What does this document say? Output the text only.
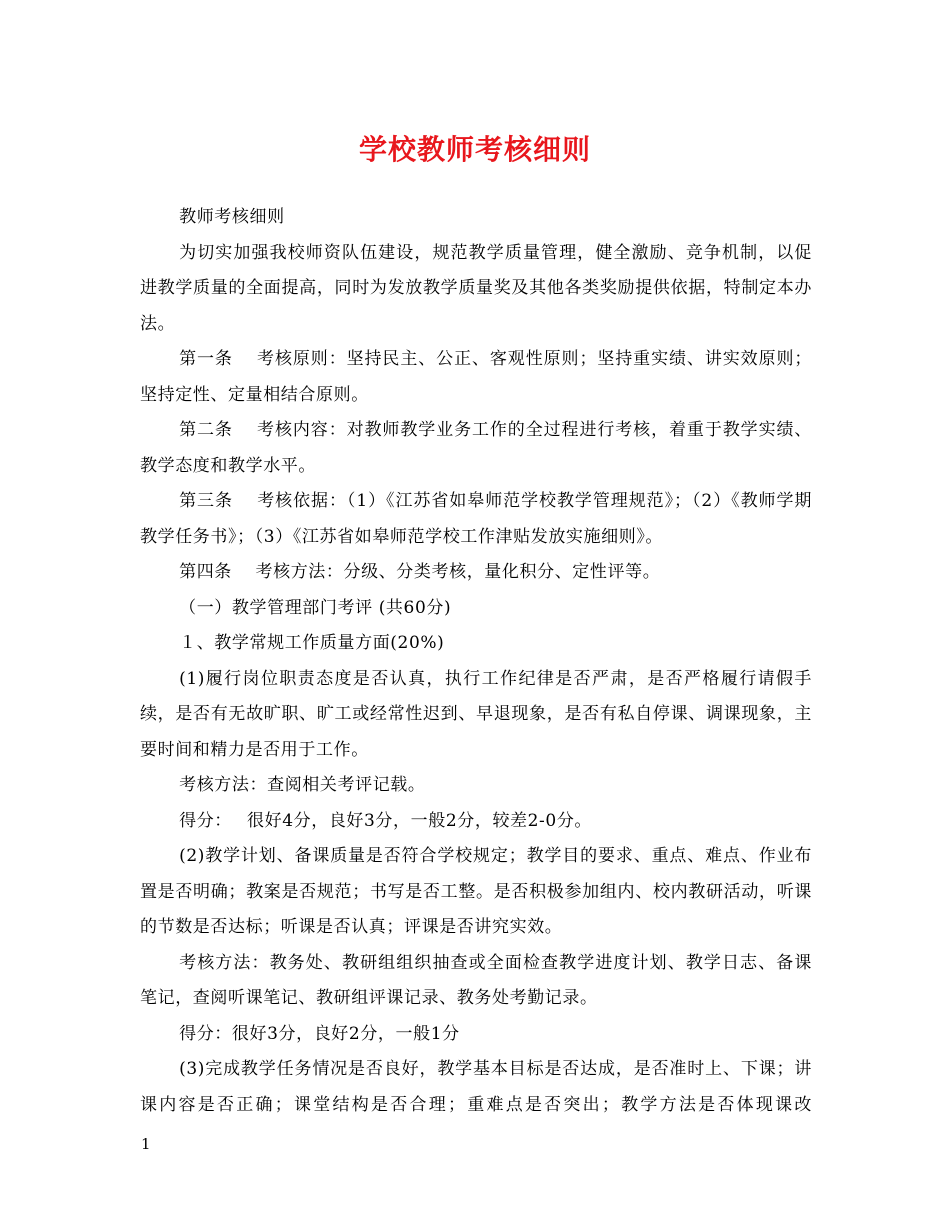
学校教师考核细则

教师考核细则

为切实加强我校师资队伍建设，规范教学质量管理，健全激励、竞争机制，以促进教学质量的全面提高，同时为发放教学质量奖及其他各类奖励提供依据，特制定本办法。

第一条　 考核原则：坚持民主、公正、客观性原则；坚持重实绩、讲实效原则；坚持定性、定量相结合原则。

第二条　 考核内容：对教师教学业务工作的全过程进行考核，着重于教学实绩、教学态度和教学水平。

第三条　 考核依据：（1）《江苏省如皋师范学校教学管理规范》；（2）《教师学期教学任务书》；（3）《江苏省如皋师范学校工作津贴发放实施细则》。

第四条　 考核方法：分级、分类考核，量化积分、定性评等。

（一）教学管理部门考评 (共60分)

１、教学常规工作质量方面(20%)

(1)履行岗位职责态度是否认真，执行工作纪律是否严肃，是否严格履行请假手续，是否有无故旷职、旷工或经常性迟到、早退现象，是否有私自停课、调课现象，主要时间和精力是否用于工作。

考核方法：查阅相关考评记载。

得分：　 很好4分，良好3分，一般2分，较差2-0分。

(2)教学计划、备课质量是否符合学校规定；教学目的要求、重点、难点、作业布置是否明确；教案是否规范；书写是否工整。是否积极参加组内、校内教研活动，听课的节数是否达标；听课是否认真；评课是否讲究实效。

考核方法：教务处、教研组组织抽查或全面检查教学进度计划、教学日志、备课笔记，查阅听课笔记、教研组评课记录、教务处考勤记录。

得分：很好3分，良好2分，一般1分

(3)完成教学任务情况是否良好，教学基本目标是否达成，是否准时上、下课；讲课内容是否正确；课堂结构是否合理；重难点是否突出；教学方法是否体现课改

1
